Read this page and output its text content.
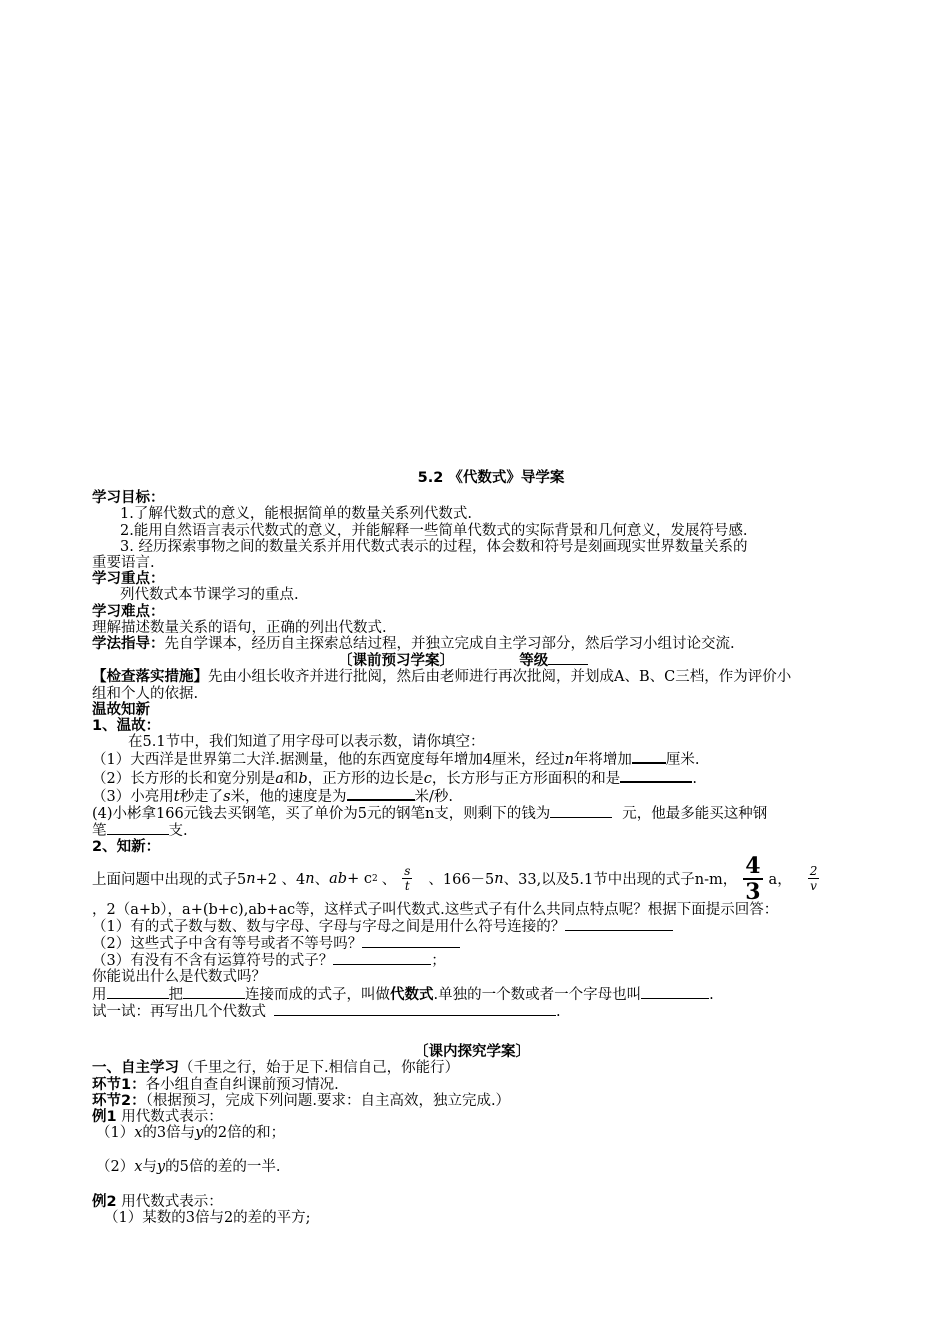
5.2 《代数式》导学案
学习目标：
1.了解代数式的意义，能根据简单的数量关系列代数式.
2.能用自然语言表示代数式的意义，并能解释一些简单代数式的实际背景和几何意义，发展符号感.
3. 经历探索事物之间的数量关系并用代数式表示的过程，体会数和符号是刻画现实世界数量关系的
重要语言.
学习重点：
列代数式本节课学习的重点.
学习难点：
理解描述数量关系的语句，正确的列出代数式.
学法指导：先自学课本，经历自主探索总结过程，并独立完成自主学习部分，然后学习小组讨论交流.
〔课前预习学案〕	等级
【检查落实措施】先由小组长收齐并进行批阅，然后由老师进行再次批阅，并划成A、B、C三档，作为评价小
组和个人的依据.
温故知新
1、温故：
在5.1节中，我们知道了用字母可以表示数，请你填空：
（1）大西洋是世界第二大洋.据测量，他的东西宽度每年增加4厘米，经过n年将增加 厘米.
（2）长方形的长和宽分别是a和b，正方形的边长是c，长方形与正方形面积的和是	.
（3）小亮用t秒走了s米，他的速度是为	米/秒.
(4)小彬拿166元钱去买钢笔，买了单价为5元的钢笔n支，则剩下的钱为	元，他最多能买这种钢
笔	支.
2、知新：
上面问题中出现的式子5 n +2 、4 n 、 ab + c 2 、 $\frac{s}{t}$ 、166－5 n 、33,以及5.1节中出现的式子n-m， $\frac{4}{3}$ a， $\frac{2}{v}$
，2（a+b），a+(b+c),ab+ac等，这样式子叫代数式.这些式子有什么共同点特点呢？根据下面提示回答：
（1）有的式子数与数、数与字母、字母与字母之间是用什么符号连接的？
（2）这些式子中含有等号或者不等号吗？
（3）有没有不含有运算符号的式子？	；
你能说出什么是代数式吗？
用	把	连接而成的式子，叫做代数式.单独的一个数或者一个字母也叫	.
试一试：再写出几个代数式	.
〔课内探究学案〕
一、自主学习（千里之行，始于足下.相信自己，你能行）
环节1：各小组自查自纠课前预习情况.
环节2：（根据预习，完成下列问题.要求：自主高效，独立完成.）
例1 用代数式表示：
（1）x的3倍与y的2倍的和；
（2）x与y的5倍的差的一半.
例2 用代数式表示：
（1）某数的3倍与2的差的平方;
